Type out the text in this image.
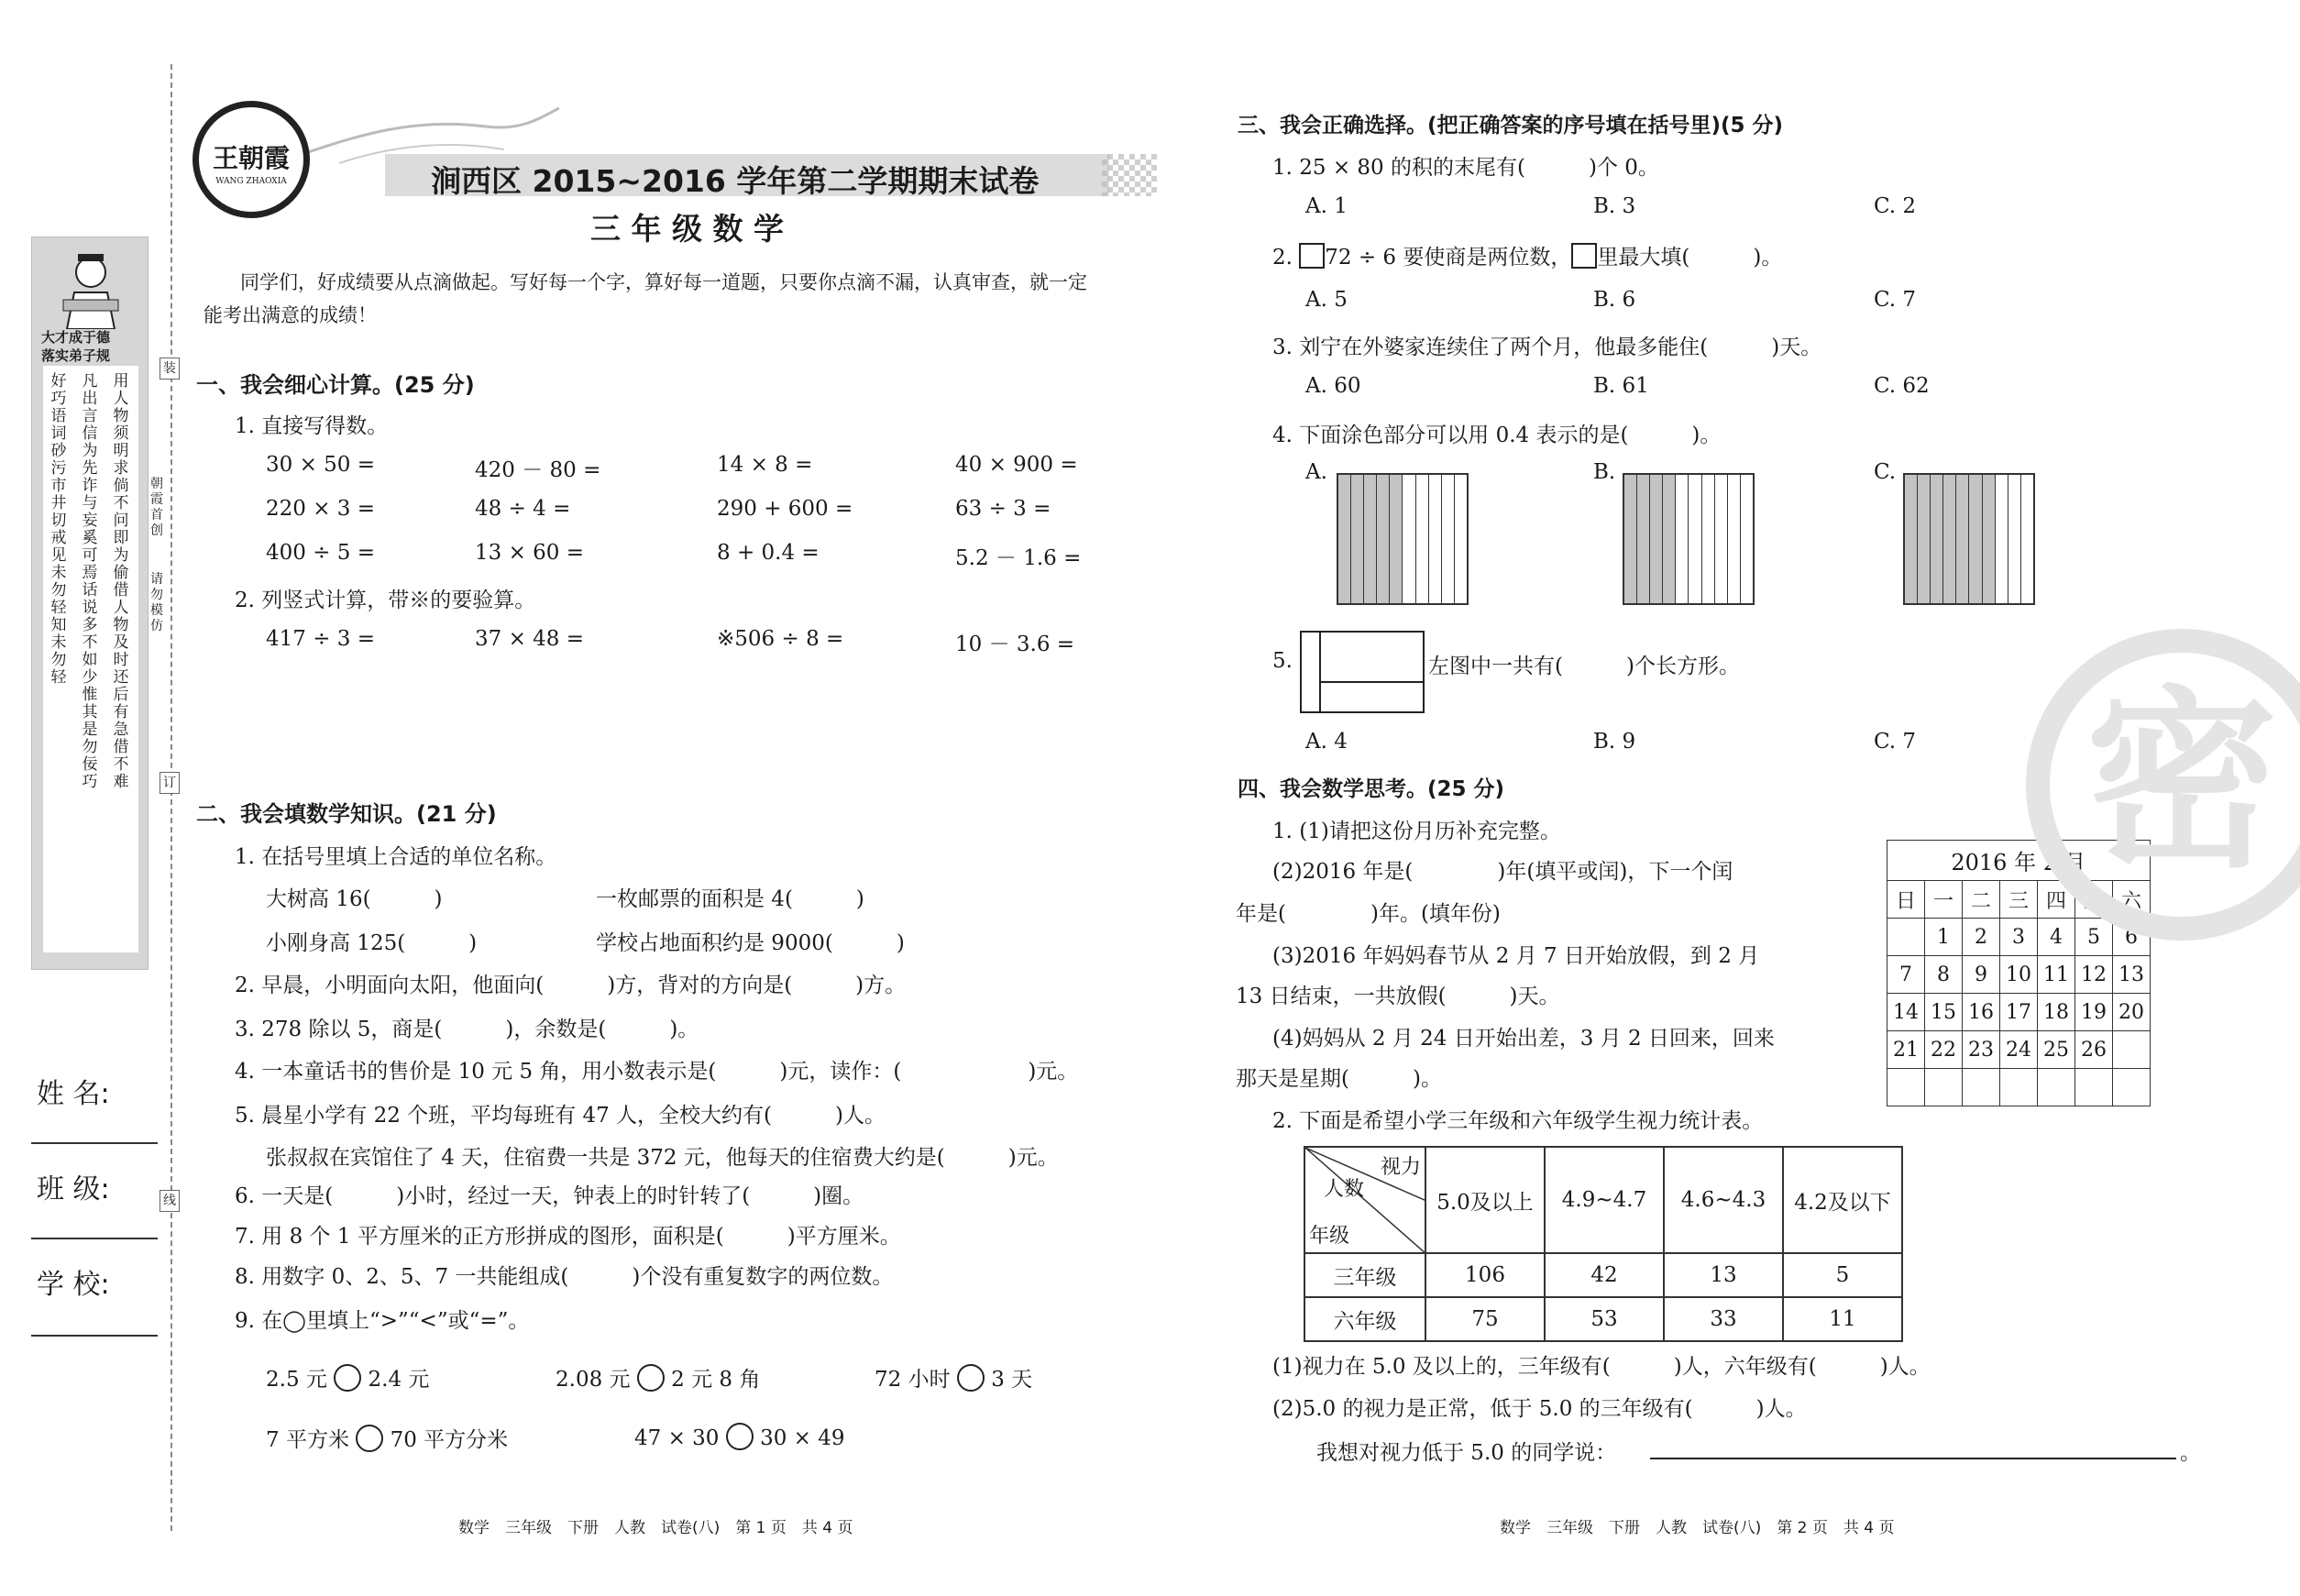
装
订
线
朝霞首创
请勿模仿
大才成于德
落实弟子规
好巧语词砂污市井切戒见未勿轻知未勿轻
凡出言信为先诈与妄奚可焉话说多不如少惟其是勿佞巧
用人物须明求倘不问即为偷借人物及时还后有急借不难
姓 名:
班 级:
学 校:
王朝霞
WANG ZHAOXIA	涧西区 2015~2016 学年第二学期期末试卷
三 年 级 数 学
同学们，好成绩要从点滴做起。写好每一个字，算好每一道题，只要你点滴不漏，认真审查，就一定
能考出满意的成绩！
一、我会细心计算。(25 分)
1. 直接写得数。
30 × 50 =	420 － 80 =	14 × 8 =	40 × 900 =
220 × 3 =	48 ÷ 4 =	290 + 600 =	63 ÷ 3 =
400 ÷ 5 =	13 × 60 =	8 + 0.4 =	5.2 － 1.6 =
2. 列竖式计算，带※的要验算。
417 ÷ 3 =	37 × 48 =	※506 ÷ 8 =	10 － 3.6 =
二、我会填数学知识。(21 分)
1. 在括号里填上合适的单位名称。
大树高 16(　　　)	一枚邮票的面积是 4(　　　)
小刚身高 125(　　　)	学校占地面积约是 9000(　　　)
2. 早晨，小明面向太阳，他面向(　　　)方，背对的方向是(　　　)方。
3. 278 除以 5，商是(　　　)，余数是(　　　)。
4. 一本童话书的售价是 10 元 5 角，用小数表示是(　　　)元，读作：(　　　　　　)元。
5. 晨星小学有 22 个班，平均每班有 47 人，全校大约有(　　　)人。
张叔叔在宾馆住了 4 天，住宿费一共是 372 元，他每天的住宿费大约是(　　　)元。
6. 一天是(　　　)小时，经过一天，钟表上的时针转了(　　　)圈。
7. 用 8 个 1 平方厘米的正方形拼成的图形，面积是(　　　)平方厘米。
8. 用数字 0、2、5、7 一共能组成(　　　)个没有重复数字的两位数。
9. 在◯里填上“>”“<”或“=”。
2.5 元 2.4 元	2.08 元 2 元 8 角	72 小时 3 天
7 平方米 70 平方分米	47 × 30 30 × 49
数学　三年级　下册　人教　试卷(八)　第 1 页　共 4 页
三、我会正确选择。(把正确答案的序号填在括号里)(5 分)
1. 25 × 80 的积的末尾有(　　　)个 0。
A. 1	B. 3	C. 2
2. 72 ÷ 6 要使商是两位数， 里最大填(　　　)。
A. 5	B. 6	C. 7
3. 刘宁在外婆家连续住了两个月，他最多能住(　　　)天。
A. 60	B. 61	C. 62
4. 下面涂色部分可以用 0.4 表示的是(　　　)。
A.	B.	C.
5.	左图中一共有(　　　)个长方形。
A. 4	B. 9	C. 7
四、我会数学思考。(25 分)
1. (1)请把这份月历补充完整。
(2)2016 年是(　　　　)年(填平或闰)，下一个闰
年是(　　　　)年。(填年份)
(3)2016 年妈妈春节从 2 月 7 日开始放假，到 2 月
13 日结束，一共放假(　　　)天。
(4)妈妈从 2 月 24 日开始出差，3 月 2 日回来，回来
那天是星期(　　　)。
2016 年 2 月						
日	一	二	三	四	五	六
	1	2	3	4	5	6
7	8	9	10	11	12	13
14	15	16	17	18	19	20
21	22	23	24	25	26	

2. 下面是希望小学三年级和六年级学生视力统计表。
视力
人数
年级	5.0及以上	4.9~4.7	4.6~4.3	4.2及以下
三年级	106	42	13	5
六年级	75	53	33	11
(1)视力在 5.0 及以上的，三年级有(　　　)人，六年级有(　　　)人。
(2)5.0 的视力是正常，低于 5.0 的三年级有(　　　)人。
我想对视力低于 5.0 的同学说：	。
密
数学　三年级　下册　人教　试卷(八)　第 2 页　共 4 页
